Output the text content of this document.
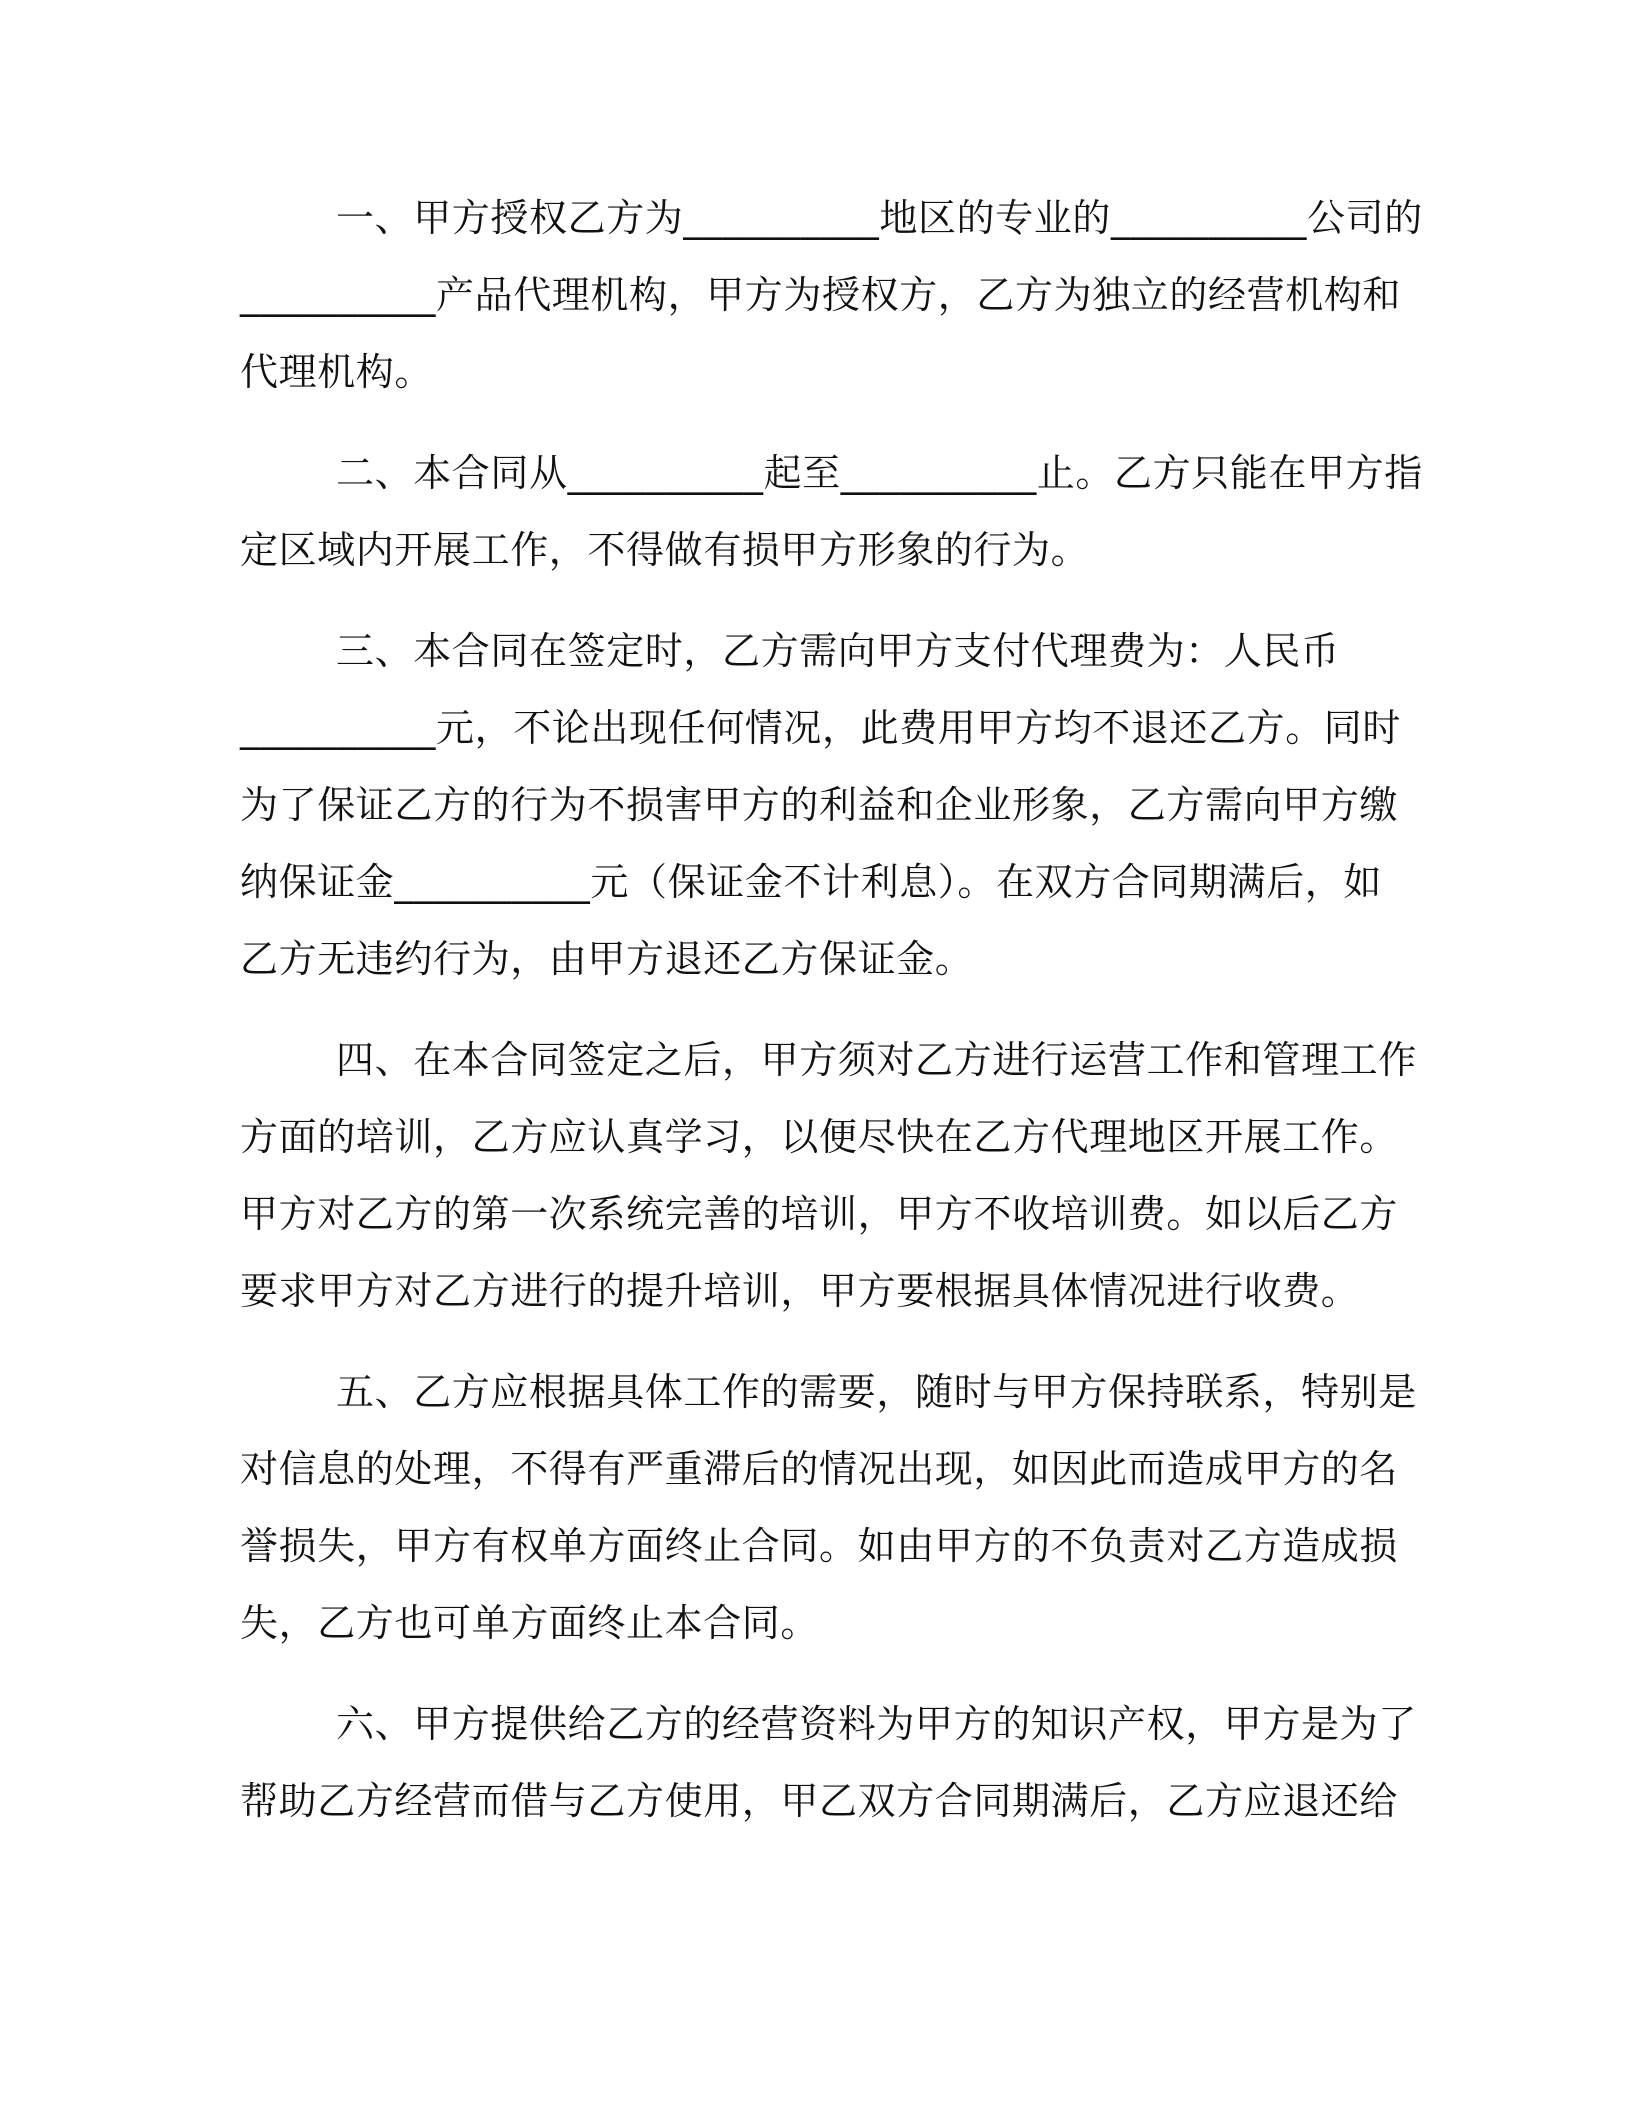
一、甲方授权乙方为__________地区的专业的__________公司的
__________产品代理机构，甲方为授权方，乙方为独立的经营机构和
代理机构。

二、本合同从__________起至__________止。乙方只能在甲方指
定区域内开展工作，不得做有损甲方形象的行为。

三、本合同在签定时，乙方需向甲方支付代理费为：人民币
__________元，不论出现任何情况，此费用甲方均不退还乙方。同时
为了保证乙方的行为不损害甲方的利益和企业形象，乙方需向甲方缴
纳保证金__________元（保证金不计利息）。在双方合同期满后，如
乙方无违约行为，由甲方退还乙方保证金。

四、在本合同签定之后，甲方须对乙方进行运营工作和管理工作
方面的培训，乙方应认真学习，以便尽快在乙方代理地区开展工作。
甲方对乙方的第一次系统完善的培训，甲方不收培训费。如以后乙方
要求甲方对乙方进行的提升培训，甲方要根据具体情况进行收费。

五、乙方应根据具体工作的需要，随时与甲方保持联系，特别是
对信息的处理，不得有严重滞后的情况出现，如因此而造成甲方的名
誉损失，甲方有权单方面终止合同。如由甲方的不负责对乙方造成损
失，乙方也可单方面终止本合同。

六、甲方提供给乙方的经营资料为甲方的知识产权，甲方是为了
帮助乙方经营而借与乙方使用，甲乙双方合同期满后，乙方应退还给
